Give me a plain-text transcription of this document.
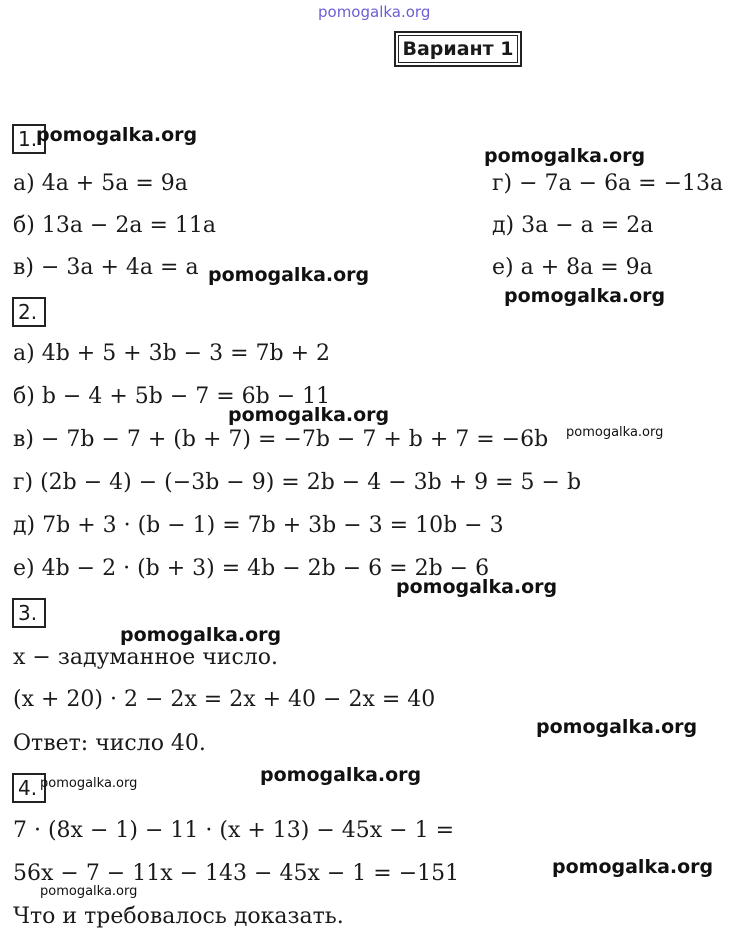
pomogalka.org
Вариант 1
1.
а) 4a + 5a = 9a
б) 13a − 2a = 11a
в) − 3a + 4a = a
г) − 7a − 6a = −13a
д) 3a − a = 2a
е) a + 8a = 9a
2.
а) 4b + 5 + 3b − 3 = 7b + 2
б) b − 4 + 5b − 7 = 6b − 11
в) − 7b − 7 + (b + 7) = −7b − 7 + b + 7 = −6b
г) (2b − 4) − (−3b − 9) = 2b − 4 − 3b + 9 = 5 − b
д) 7b + 3 · (b − 1) = 7b + 3b − 3 = 10b − 3
е) 4b − 2 · (b + 3) = 4b − 2b − 6 = 2b − 6
3.
x − задуманное число.
(x + 20) · 2 − 2x = 2x + 40 − 2x = 40
Ответ: число 40.
4.
7 · (8x − 1) − 11 · (x + 13) − 45x − 1 =
56x − 7 − 11x − 143 − 45x − 1 = −151
Что и требовалось доказать.
pomogalka.org
pomogalka.org
pomogalka.org
pomogalka.org
pomogalka.org
pomogalka.org
pomogalka.org
pomogalka.org
pomogalka.org
pomogalka.org
pomogalka.org
pomogalka.org
pomogalka.org
